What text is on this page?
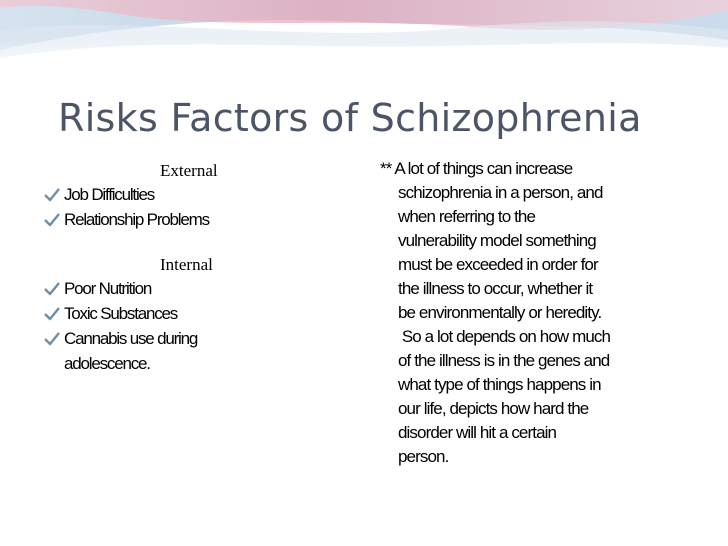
Risks Factors of Schizophrenia
External
Job Difficulties
Relationship Problems
Internal
Poor Nutrition
Toxic Substances
Cannabis use during
adolescence.
** A lot of things can increase
schizophrenia in a person, and
when referring to the
vulnerability model something
must be exceeded in order for
the illness to occur, whether it
be environmentally or heredity.
So a lot depends on how much
of the illness is in the genes and
what type of things happens in
our life, depicts how hard the
disorder will hit a certain
person.
